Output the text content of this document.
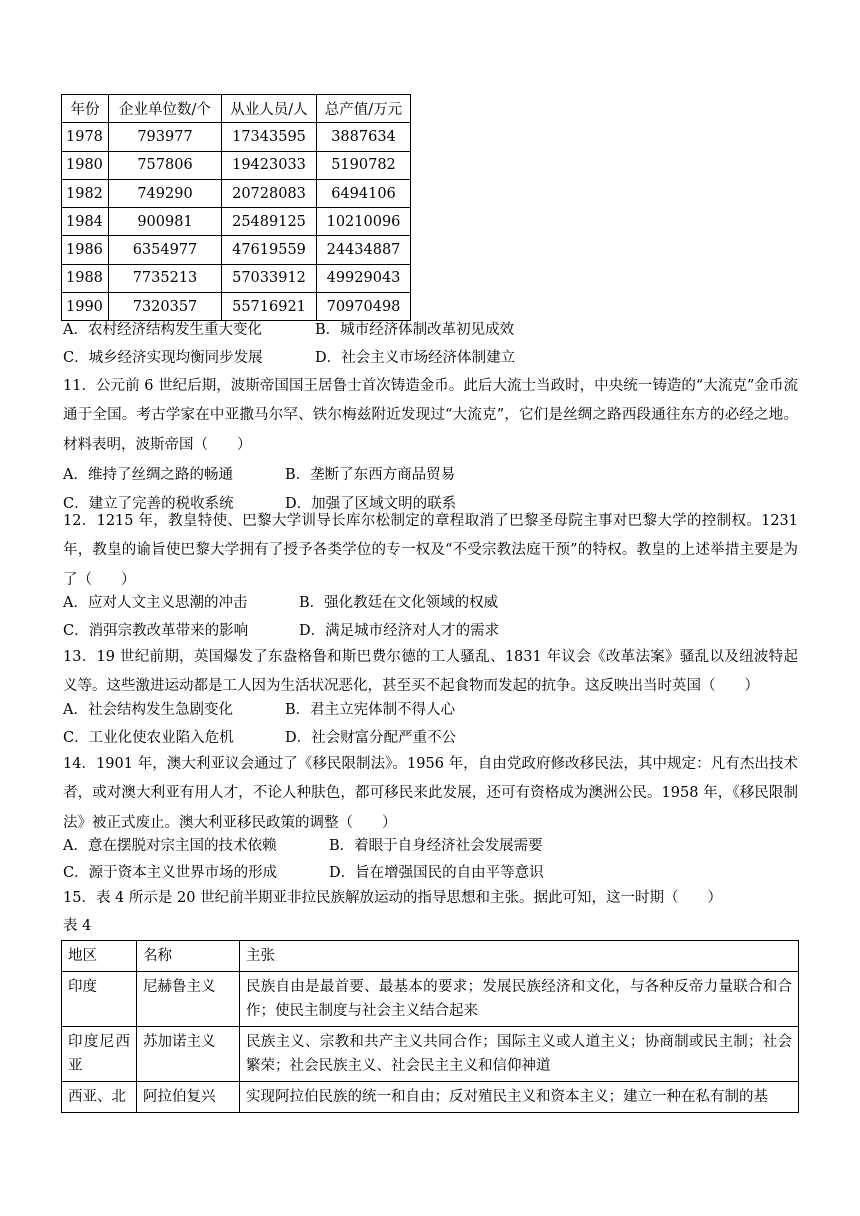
年份	企业单位数/个	从业人员/人	总产值/万元
1978	793977	17343595	3887634
1980	757806	19423033	5190782
1982	749290	20728083	6494106
1984	900981	25489125	10210096
1986	6354977	47619559	24434887
1988	7735213	57033912	49929043
1990	7320357	55716921	70970498
A．农村经济结构发生重大变化	B．城市经济体制改革初见成效
C．城乡经济实现均衡同步发展	D．社会主义市场经济体制建立
11．公元前 6 世纪后期，波斯帝国国王居鲁士首次铸造金币。此后大流士当政时，中央统一铸造的“大流克”金币流通于全国。考古学家在中亚撒马尔罕、铁尔梅兹附近发现过“大流克”，它们是丝绸之路西段通往东方的必经之地。材料表明，波斯帝国（　　）
A．维持了丝绸之路的畅通	B．垄断了东西方商品贸易
C．建立了完善的税收系统	D．加强了区域文明的联系
12．1215 年，教皇特使、巴黎大学训导长库尔松制定的章程取消了巴黎圣母院主事对巴黎大学的控制权。1231 年，教皇的谕旨使巴黎大学拥有了授予各类学位的专一权及“不受宗教法庭干预”的特权。教皇的上述举措主要是为了（　　）
A．应对人文主义思潮的冲击	B．强化教廷在文化领域的权威
C．消弭宗教改革带来的影响	D．满足城市经济对人才的需求
13．19 世纪前期，英国爆发了东盎格鲁和斯巴费尔德的工人骚乱、1831 年议会《改革法案》骚乱以及纽波特起义等。这些激进运动都是工人因为生活状况恶化，甚至买不起食物而发起的抗争。这反映出当时英国（　　）
A．社会结构发生急剧变化	B．君主立宪体制不得人心
C．工业化使农业陷入危机	D．社会财富分配严重不公
14．1901 年，澳大利亚议会通过了《移民限制法》。1956 年，自由党政府修改移民法，其中规定：凡有杰出技术者，或对澳大利亚有用人才，不论人种肤色，都可移民来此发展，还可有资格成为澳洲公民。1958 年，《移民限制法》被正式废止。澳大利亚移民政策的调整（　　）
A．意在摆脱对宗主国的技术依赖	B．着眼于自身经济社会发展需要
C．源于资本主义世界市场的形成	D．旨在增强国民的自由平等意识
15．表 4 所示是 20 世纪前半期亚非拉民族解放运动的指导思想和主张。据此可知，这一时期（　　）
表 4
地区	名称	主张
印度	尼赫鲁主义	民族自由是最首要、最基本的要求；发展民族经济和文化，与各种反帝力量联合和合作；使民主制度与社会主义结合起来
印度尼西亚	苏加诺主义	民族主义、宗教和共产主义共同合作；国际主义或人道主义；协商制或民主制；社会繁荣；社会民族主义、社会民主主义和信仰神道
西亚、北	阿拉伯复兴	实现阿拉伯民族的统一和自由；反对殖民主义和资本主义；建立一种在私有制的基
